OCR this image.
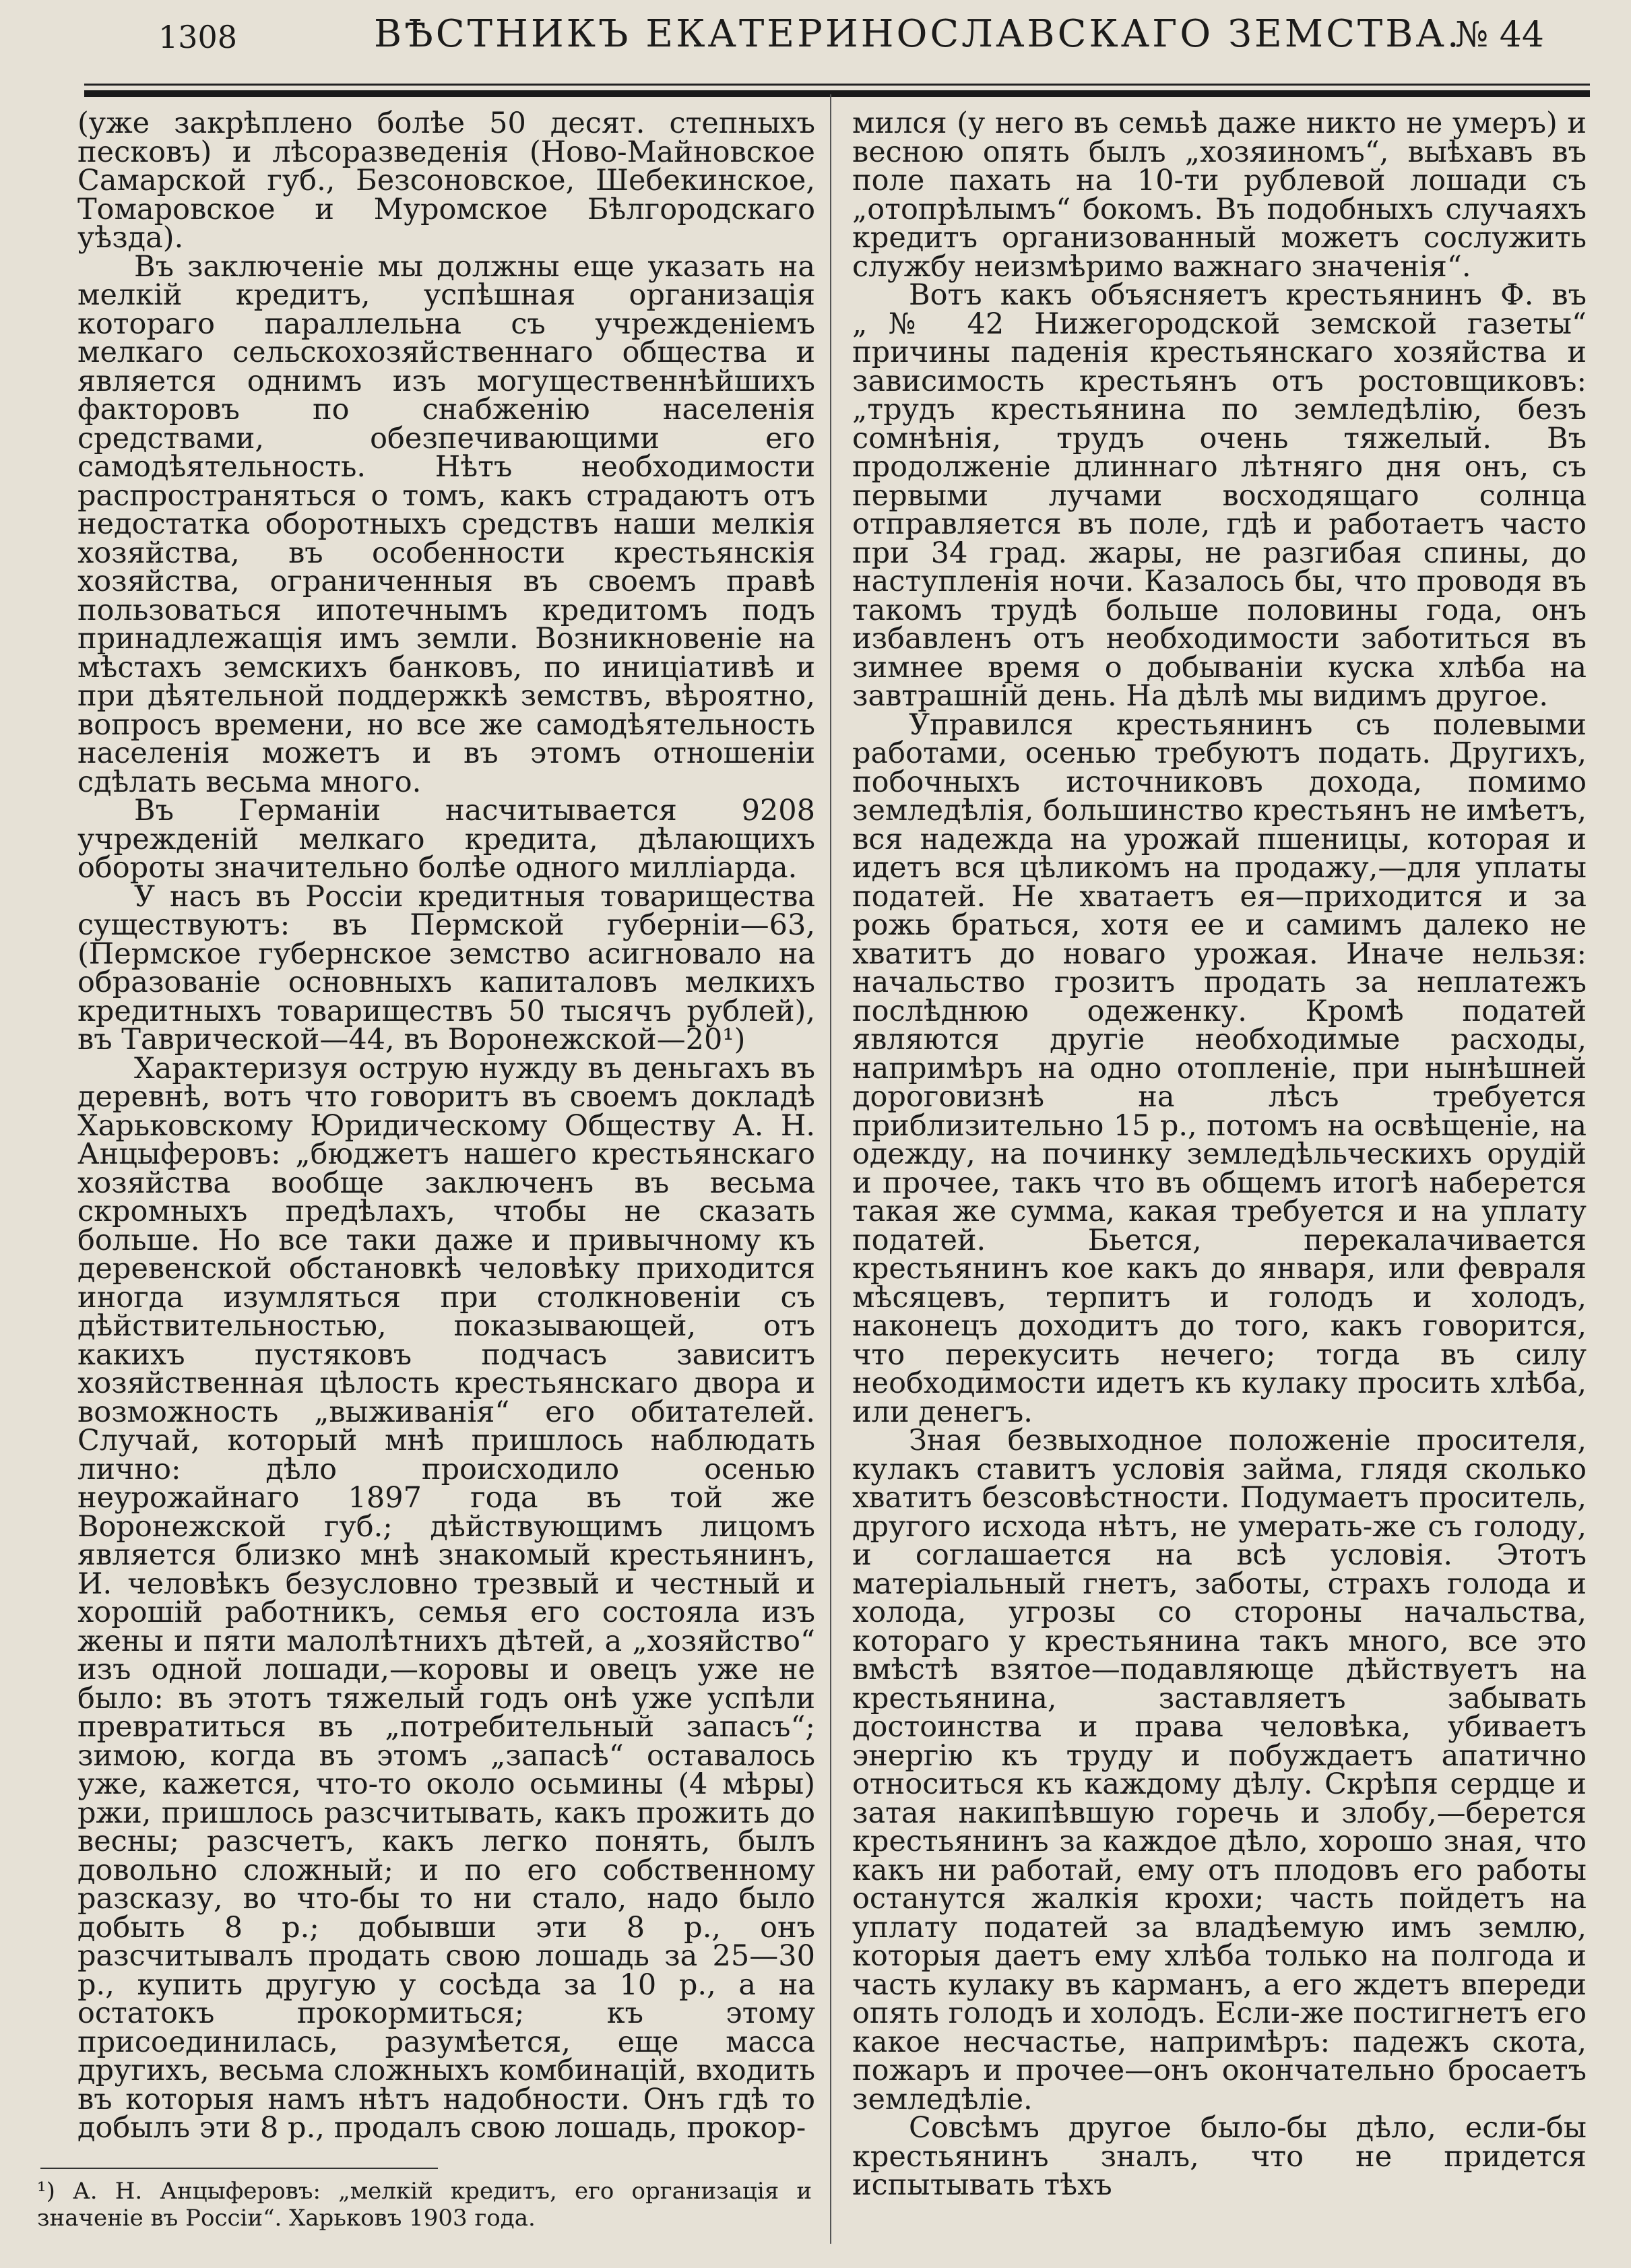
1308	ВѢСТНИКЪ ЕКАТЕРИНОСЛАВСКАГО ЗЕМСТВА.
№ 44

(уже закрѣплено болѣе 50 десят. степныхъ песковъ) и лѣсоразведенія (Ново-Майновское Самарской губ., Безсоновское, Шебекинское, Томаровское и Муромское Бѣлгородскаго уѣзда).

Въ заключеніе мы должны еще указать на мелкій кредитъ, успѣшная организація котораго параллельна съ учрежденіемъ мелкаго сельскохозяйственнаго общества и является однимъ изъ могущественнѣйшихъ факторовъ по снабженію населенія средствами, обезпечивающими его самодѣятельность. Нѣтъ необходимости распространяться о томъ, какъ страдаютъ отъ недостатка оборотныхъ средствъ наши мелкія хозяйства, въ особенности крестьянскія хозяйства, ограниченныя въ своемъ правѣ пользоваться ипотечнымъ кредитомъ подъ принадлежащія имъ земли. Возникновеніе на мѣстахъ земскихъ банковъ, по иниціативѣ и при дѣятельной поддержкѣ земствъ, вѣроятно, вопросъ времени, но все же самодѣятельность населенія можетъ и въ этомъ отношеніи сдѣлать весьма много.

Въ Германіи насчитывается 9208 учрежденій мелкаго кредита, дѣлающихъ обороты значительно болѣе одного милліарда.

У насъ въ Россіи кредитныя товарищества существуютъ: въ Пермской губерніи—63, (Пермское губернское земство асигновало на образованіе основныхъ капиталовъ мелкихъ кредитныхъ товариществъ 50 тысячъ рублей), въ Таврической—44, въ Воронежской—20¹)

Характеризуя острую нужду въ деньгахъ въ деревнѣ, вотъ что говоритъ въ своемъ докладѣ Харьковскому Юридическому Обществу А. Н. Анцыферовъ: „бюджетъ нашего крестьянскаго хозяйства вообще заключенъ въ весьма скромныхъ предѣлахъ, чтобы не сказать больше. Но все таки даже и привычному къ деревенской обстановкѣ человѣку приходится иногда изумляться при столкновеніи съ дѣйствительностью, показывающей, отъ какихъ пустяковъ подчасъ зависитъ хозяйственная цѣлость крестьянскаго двора и возможность „выживанія“ его обитателей. Случай, который мнѣ пришлось наблюдать лично: дѣло происходило осенью неурожайнаго 1897 года въ той же Воронежской губ.; дѣйствующимъ лицомъ является близко мнѣ знакомый крестьянинъ, И. человѣкъ безусловно трезвый и честный и хорошій работникъ, семья его состояла изъ жены и пяти малолѣтнихъ дѣтей, а „хозяйство“ изъ одной лошади,—коровы и овецъ уже не было: въ этотъ тяжелый годъ онѣ уже успѣли превратиться въ „потребительный запасъ“; зимою, когда въ этомъ „запасѣ“ оставалось уже, кажется, что-то около осьмины (4 мѣры) ржи, пришлось разсчитывать, какъ прожить до весны; разсчетъ, какъ легко понять, былъ довольно сложный; и по его собственному разсказу, во что-бы то ни стало, надо было добыть 8 р.; добывши эти 8 р., онъ разсчитывалъ продать свою лошадь за 25—30 р., купить другую у сосѣда за 10 р., а на остатокъ прокормиться; къ этому присоединилась, разумѣется, еще масса другихъ, весьма сложныхъ комбинацій, входить въ которыя намъ нѣтъ надобности. Онъ гдѣ то добылъ эти 8 р., продалъ свою лошадь, прокор-

мился (у него въ семьѣ даже никто не умеръ) и весною опять былъ „хозяиномъ“, выѣхавъ въ поле пахать на 10-ти рублевой лошади съ „отопрѣлымъ“ бокомъ. Въ подобныхъ случаяхъ кредитъ организованный можетъ сослужить службу неизмѣримо важнаго значенія“.

Вотъ какъ объясняетъ крестьянинъ Ф. въ „№ 42 Нижегородской земской газеты“ причины паденія крестьянскаго хозяйства и зависимость крестьянъ отъ ростовщиковъ: „трудъ крестьянина по земледѣлію, безъ сомнѣнія, трудъ очень тяжелый. Въ продолженіе длиннаго лѣтняго дня онъ, съ первыми лучами восходящаго солнца отправляется въ поле, гдѣ и работаетъ часто при 34 град. жары, не разгибая спины, до наступленія ночи. Казалось бы, что проводя въ такомъ трудѣ больше половины года, онъ избавленъ отъ необходимости заботиться въ зимнее время о добываніи куска хлѣба на завтрашній день. На дѣлѣ мы видимъ другое.

Управился крестьянинъ съ полевыми работами, осенью требуютъ подать. Другихъ, побочныхъ источниковъ дохода, помимо земледѣлія, большинство крестьянъ не имѣетъ, вся надежда на урожай пшеницы, которая и идетъ вся цѣликомъ на продажу,—для уплаты податей. Не хватаетъ ея—приходится и за рожь браться, хотя ее и самимъ далеко не хватитъ до новаго урожая. Иначе нельзя: начальство грозитъ продать за неплатежъ послѣднюю одеженку. Кромѣ податей являются другіе необходимые расходы, напримѣръ на одно отопленіе, при нынѣшней дороговизнѣ на лѣсъ требуется приблизительно 15 р., потомъ на освѣщеніе, на одежду, на починку земледѣльческихъ орудій и прочее, такъ что въ общемъ итогѣ наберется такая же сумма, какая требуется и на уплату податей. Бьется, перекалачивается крестьянинъ кое какъ до января, или февраля мѣсяцевъ, терпитъ и голодъ и холодъ, наконецъ доходитъ до того, какъ говорится, что перекусить нечего; тогда въ силу необходимости идетъ къ кулаку просить хлѣба, или денегъ.

Зная безвыходное положеніе просителя, кулакъ ставитъ условія займа, глядя сколько хватитъ безсовѣстности. Подумаетъ проситель, другого исхода нѣтъ, не умерать-же съ голоду, и соглашается на всѣ условія. Этотъ матеріальный гнетъ, заботы, страхъ голода и холода, угрозы со стороны начальства, котораго у крестьянина такъ много, все это вмѣстѣ взятое—подавляюще дѣйствуетъ на крестьянина, заставляетъ забывать достоинства и права человѣка, убиваетъ энергію къ труду и побуждаетъ апатично относиться къ каждому дѣлу. Скрѣпя сердце и затая накипѣвшую горечь и злобу,—берется крестьянинъ за каждое дѣло, хорошо зная, что какъ ни работай, ему отъ плодовъ его работы останутся жалкія крохи; часть пойдетъ на уплату податей за владѣемую имъ землю, которыя даетъ ему хлѣба только на полгода и часть кулаку въ карманъ, а его ждетъ впереди опять голодъ и холодъ. Если-же постигнетъ его какое несчастье, напримѣръ: падежъ скота, пожаръ и прочее—онъ окончательно бросаетъ земледѣліе.

Совсѣмъ другое было-бы дѣло, если-бы крестьянинъ зналъ, что не придется испытывать тѣхъ

¹) А. Н. Анцыферовъ: „мелкій кредитъ, его организація и значеніе въ Россіи“. Харьковъ 1903 года.
